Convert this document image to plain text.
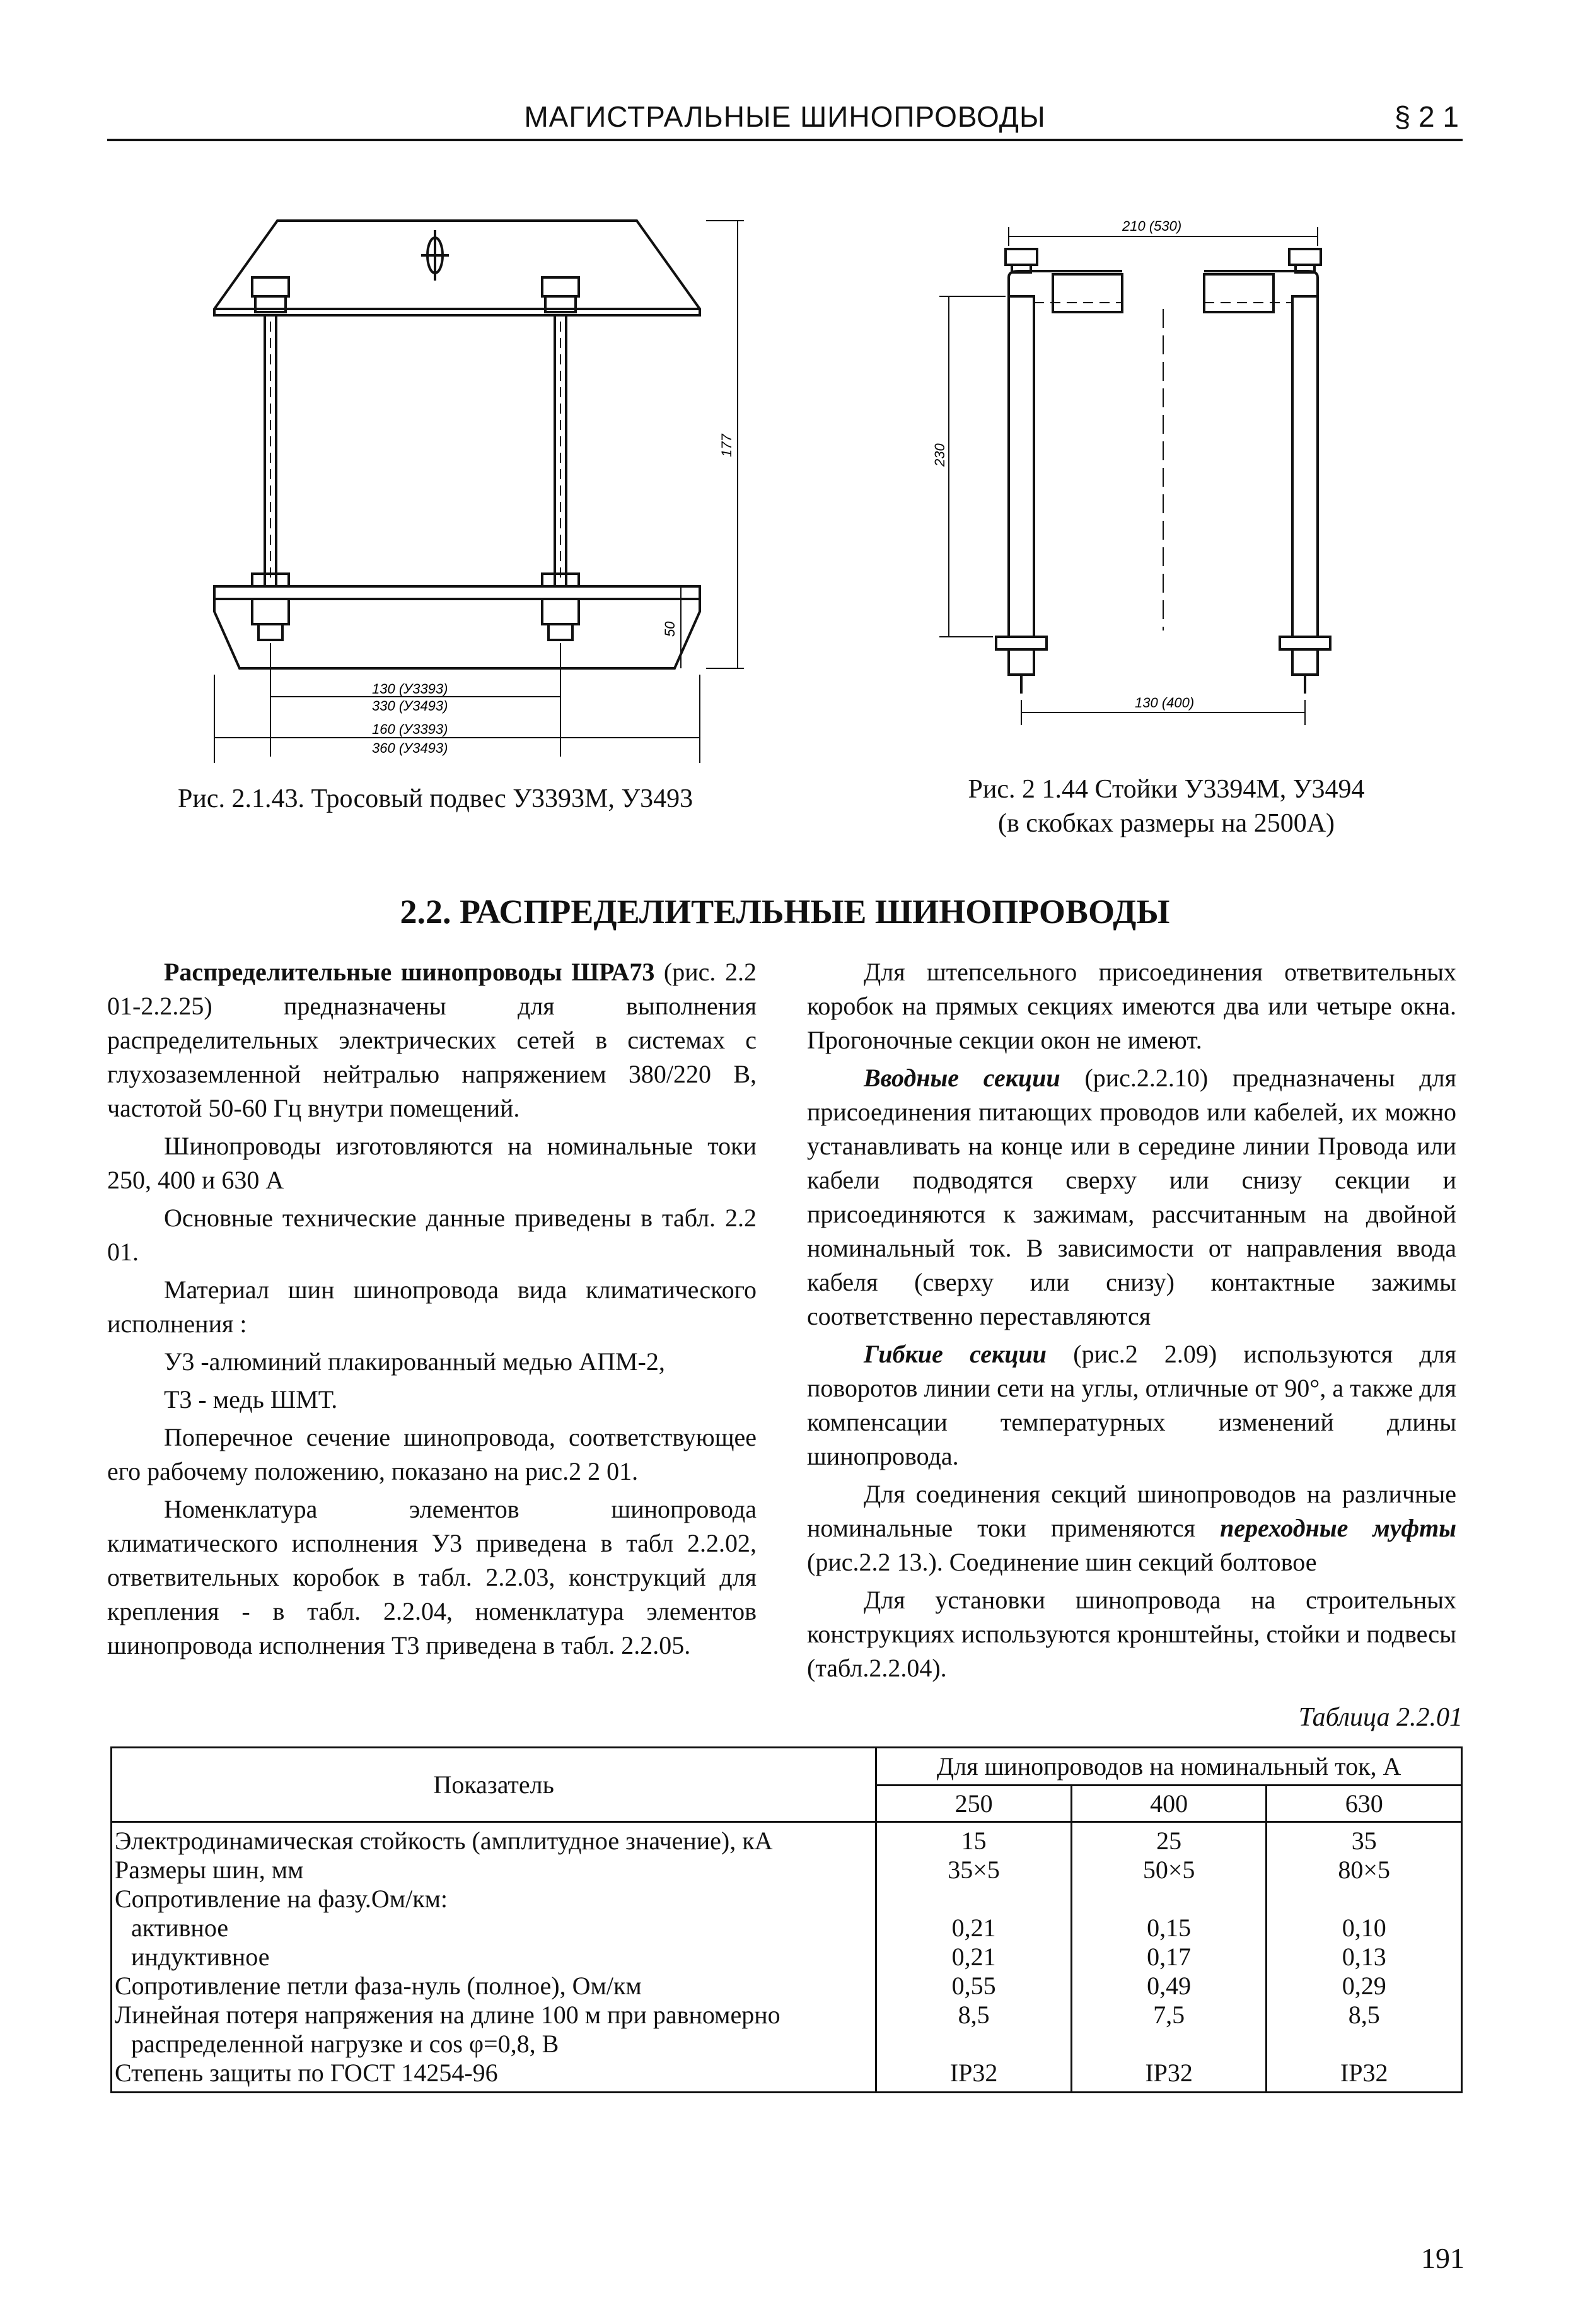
МАГИСТРАЛЬНЫЕ ШИНОПРОВОДЫ	§ 2 1
177
50
130 (У3393)
330 (У3493)
160 (У3393)
360 (У3493)
Рис. 2.1.43. Тросовый подвес У3393М, У3493
210 (530)
230
130 (400)
Рис. 2 1.44 Стойки У3394М, У3494
(в скобках размеры на 2500А)
2.2. РАСПРЕДЕЛИТЕЛЬНЫЕ ШИНОПРОВОДЫ

Распределительные шинопроводы ШРА73 (рис. 2.2 01-2.2.25) предназначены для выполнения распределительных электрических сетей в системах с глухозаземленной нейтралью напряжением 380/220 В, частотой 50-60 Гц внутри помещений.

Шинопроводы изготовляются на номинальные токи 250, 400 и 630 А

Основные технические данные приведены в табл. 2.2 01.

Материал шин шинопровода вида климатического исполнения :

У3 -алюминий плакированный медью АПМ-2,

Т3 - медь ШМТ.

Поперечное сечение шинопровода, соответствующее его рабочему положению, показано на рис.2 2 01.

Номенклатура элементов шинопровода климатического исполнения У3 приведена в табл 2.2.02, ответвительных коробок в табл. 2.2.03, конструкций для крепления - в табл. 2.2.04, номенклатура элементов шинопровода исполнения Т3 приведена в табл. 2.2.05.

Для штепсельного присоединения ответвительных коробок на прямых секциях имеются два или четыре окна. Прогоночные секции окон не имеют.

Вводные секции (рис.2.2.10) предназначены для присоединения питающих проводов или кабелей, их можно устанавливать на конце или в середине линии Провода или кабели подводятся сверху или снизу секции и присоединяются к зажимам, рассчитанным на двойной номинальный ток. В зависимости от направления ввода кабеля (сверху или снизу) контактные зажимы соответственно переставляются

Гибкие секции (рис.2 2.09) используются для поворотов линии сети на углы, отличные от 90°, а также для компенсации температурных изменений длины шинопровода.

Для соединения секций шинопроводов на различные номинальные токи применяются переходные муфты (рис.2.2 13.). Соединение шин секций болтовое

Для установки шинопровода на строительных конструкциях используются кронштейны, стойки и подвесы (табл.2.2.04).

Таблица 2.2.01
Показатель	Для шинопроводов на номинальный ток, А		
	250	400	630
Электродинамическая стойкость (амплитудное значение), кА	15	25	35
Размеры шин, мм	35×5	50×5	80×5
Сопротивление на фазу.Ом/км:			
активное	0,21	0,15	0,10
индуктивное	0,21	0,17	0,13
Сопротивление петли фаза-нуль (полное), Ом/км	0,55	0,49	0,29
Линейная потеря напряжения на длине 100 м при равномерно	8,5	7,5	8,5
распределенной нагрузке и cos φ=0,8, В			
Степень защиты по ГОСТ 14254-96	IP32	IP32	IP32
191
